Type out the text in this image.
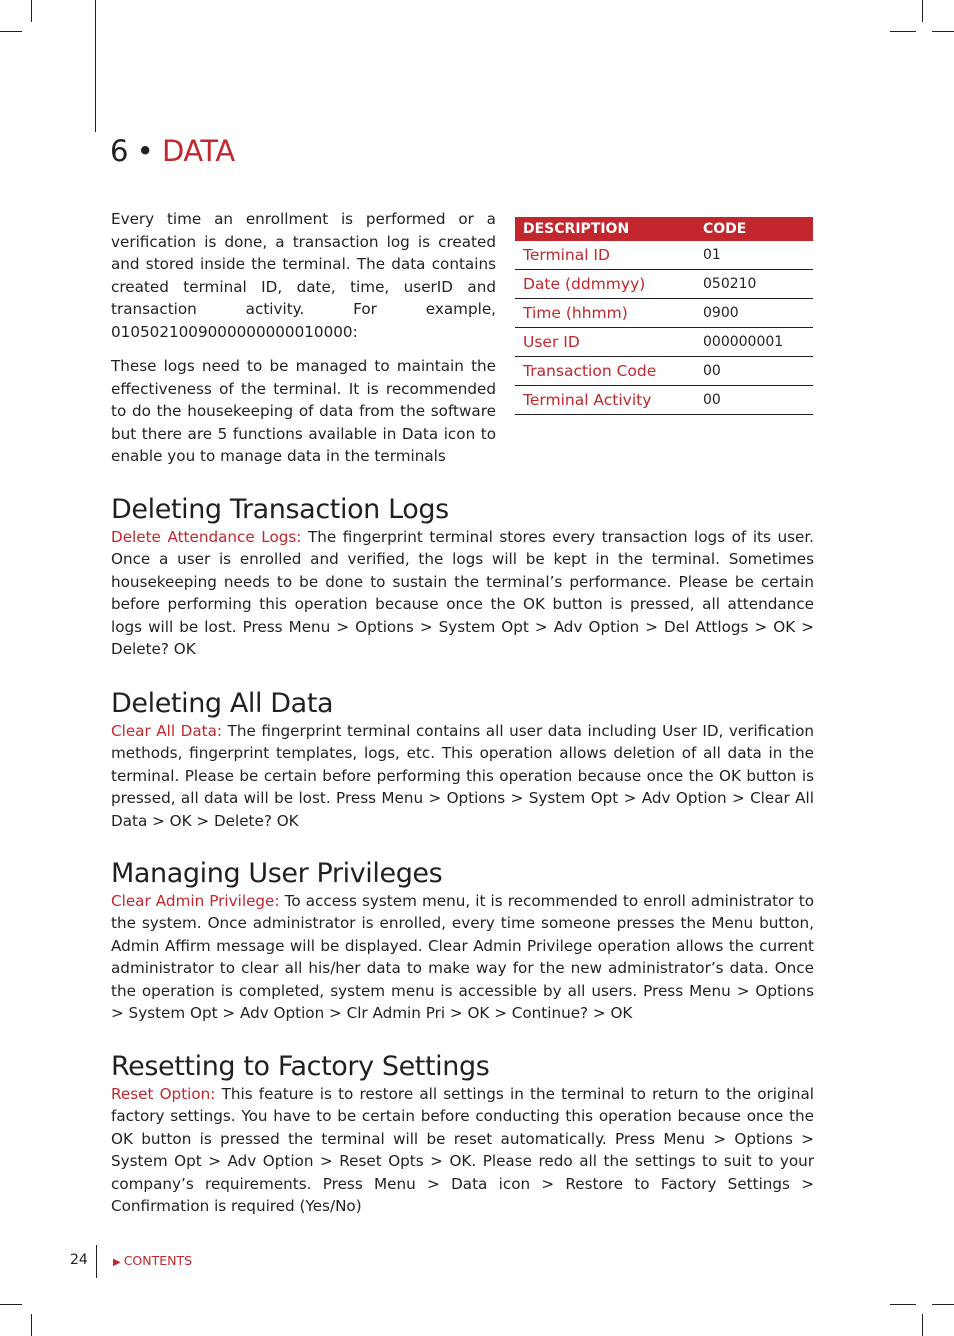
6 • DATA

Every time an enrollment is performed or a verification is done, a transaction log is created and stored inside the terminal. The data contains created terminal ID, date, time, userID and transaction activity. For example, 0105021009000000000010000:

These logs need to be managed to maintain the effectiveness of the terminal. It is recommended to do the housekeeping of data from the software but there are 5 functions available in Data icon to enable you to manage data in the terminals

DESCRIPTION	CODE
Terminal ID	01
Date (ddmmyy)	050210
Time (hhmm)	0900
User ID	000000001
Transaction Code	00
Terminal Activity	00
Deleting Transaction Logs

Delete Attendance Logs: The fingerprint terminal stores every transaction logs of its user. Once a user is enrolled and verified, the logs will be kept in the terminal. Sometimes housekeeping needs to be done to sustain the terminal’s performance. Please be certain before performing this operation because once the OK button is pressed, all attendance logs will be lost. Press Menu > Options > System Opt > Adv Option > Del Attlogs > OK > Delete? OK

Deleting All Data

Clear All Data: The fingerprint terminal contains all user data including User ID, verification methods, fingerprint templates, logs, etc. This operation allows deletion of all data in the terminal. Please be certain before performing this operation because once the OK button is pressed, all data will be lost. Press Menu > Options > System Opt > Adv Option > Clear All Data > OK > Delete? OK

Managing User Privileges

Clear Admin Privilege: To access system menu, it is recommended to enroll administrator to the system. Once administrator is enrolled, every time someone presses the Menu button, Admin Affirm message will be displayed. Clear Admin Privilege operation allows the current administrator to clear all his/her data to make way for the new administrator’s data. Once the operation is completed, system menu is accessible by all users. Press Menu > Options > System Opt > Adv Option > Clr Admin Pri > OK > Continue? > OK

Resetting to Factory Settings

Reset Option: This feature is to restore all settings in the terminal to return to the original factory settings. You have to be certain before conducting this operation because once the OK button is pressed the terminal will be reset automatically. Press Menu > Options > System Opt > Adv Option > Reset Opts > OK. Please redo all the settings to suit to your company’s requirements. Press Menu > Data icon > Restore to Factory Settings > Confirmation is required (Yes/No)

24	▶ CONTENTS
